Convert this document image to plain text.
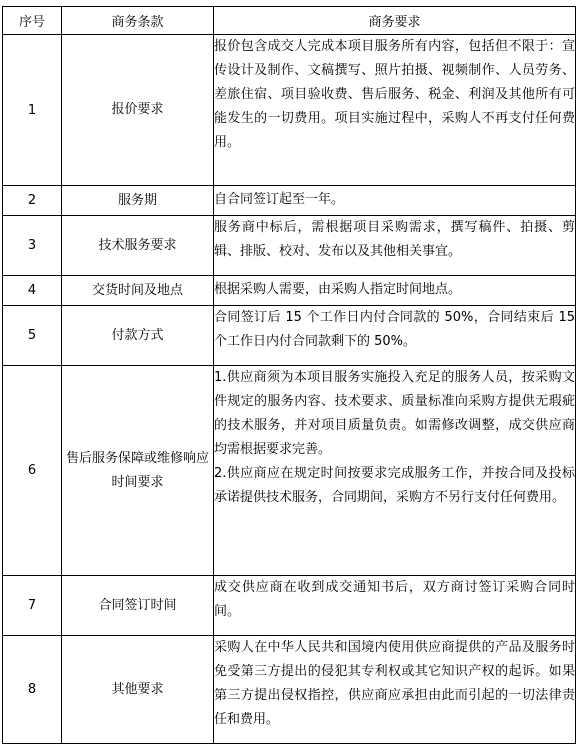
序号	商务条款	商务要求
1	报价要求	报价包含成交人完成本项目服务所有内容，包括但不限于：宣传设计及制作、文稿撰写、照片拍摄、视频制作、人员劳务、差旅住宿、项目验收费、售后服务、税金、利润及其他所有可能发生的一切费用。项目实施过程中，采购人不再支付任何费用。

2	服务期	自合同签订起至一年。

3	技术服务要求	服务商中标后，需根据项目采购需求，撰写稿件、拍摄、剪辑、排版、校对、发布以及其他相关事宜。

4	交货时间及地点	根据采购人需要，由采购人指定时间地点。

5	付款方式	合同签订后 15 个工作日内付合同款的 50%，合同结束后 15 个工作日内付合同款剩下的 50%。

6	售后服务保障或维修响应时间要求	1.供应商须为本项目服务实施投入充足的服务人员，按采购文件规定的服务内容、技术要求、质量标准向采购方提供无瑕疵的技术服务，并对项目质量负责。如需修改调整，成交供应商均需根据要求完善。
2.供应商应在规定时间按要求完成服务工作，并按合同及投标承诺提供技术服务，合同期间，采购方不另行支付任何费用。

7	合同签订时间	成交供应商在收到成交通知书后，双方商讨签订采购合同时间。

8	其他要求	采购人在中华人民共和国境内使用供应商提供的产品及服务时免受第三方提出的侵犯其专利权或其它知识产权的起诉。如果第三方提出侵权指控，供应商应承担由此而引起的一切法律责任和费用。
